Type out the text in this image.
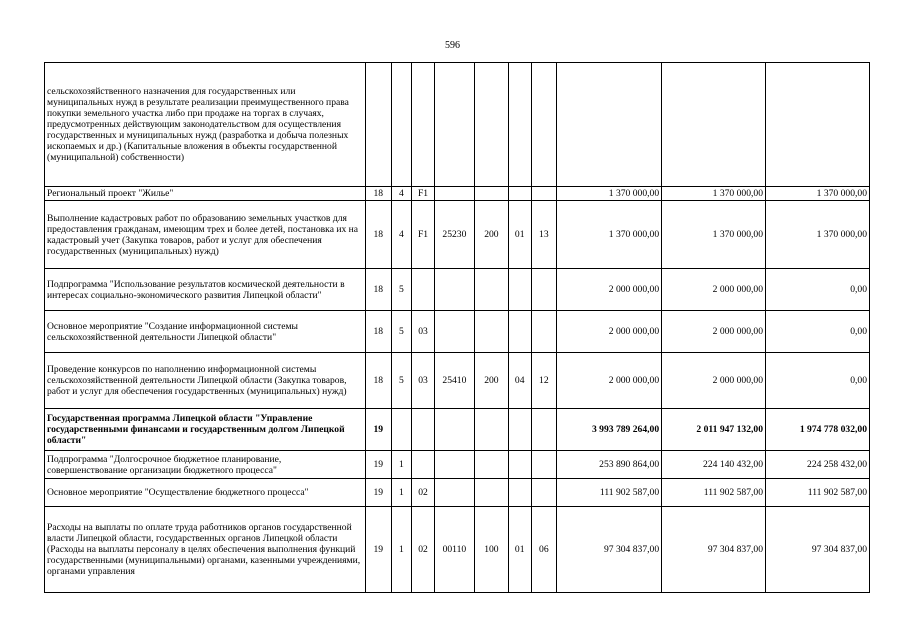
596
сельскохозяйственного назначения для государственных или муниципальных нужд в результате реализации преимущественного права покупки земельного участка либо при продаже на торгах в случаях, предусмотренных действующим законодательством для осуществления государственных и муниципальных нужд (разработка и добыча полезных ископаемых и др.) (Капитальные вложения в объекты государственной (муниципальной) собственности)										
Региональный проект "Жилье"	18	4	F1					1 370 000,00	1 370 000,00	1 370 000,00
Выполнение кадастровых работ по образованию земельных участков для предоставления гражданам, имеющим трех и более детей, постановка их на кадастровый учет (Закупка товаров, работ и услуг для обеспечения государственных (муниципальных) нужд)	18	4	F1	25230	200	01	13	1 370 000,00	1 370 000,00	1 370 000,00
Подпрограмма "Использование результатов космической деятельности в интересах социально-экономического развития Липецкой области"	18	5						2 000 000,00	2 000 000,00	0,00
Основное мероприятие "Создание информационной системы сельскохозяйственной деятельности Липецкой области"	18	5	03					2 000 000,00	2 000 000,00	0,00
Проведение конкурсов по наполнению информационной системы сельскохозяйственной деятельности Липецкой области (Закупка товаров, работ и услуг для обеспечения государственных (муниципальных) нужд)	18	5	03	25410	200	04	12	2 000 000,00	2 000 000,00	0,00
Государственная программа Липецкой области "Управление государственными финансами и государственным долгом Липецкой области"	19							3 993 789 264,00	2 011 947 132,00	1 974 778 032,00
Подпрограмма "Долгосрочное бюджетное планирование, совершенствование организации бюджетного процесса"	19	1						253 890 864,00	224 140 432,00	224 258 432,00
Основное мероприятие "Осуществление бюджетного процесса"	19	1	02					111 902 587,00	111 902 587,00	111 902 587,00
Расходы на выплаты по оплате труда работников органов государственной власти Липецкой области, государственных органов Липецкой области (Расходы на выплаты персоналу в целях обеспечения выполнения функций государственными (муниципальными) органами, казенными учреждениями, органами управления	19	1	02	00110	100	01	06	97 304 837,00	97 304 837,00	97 304 837,00
